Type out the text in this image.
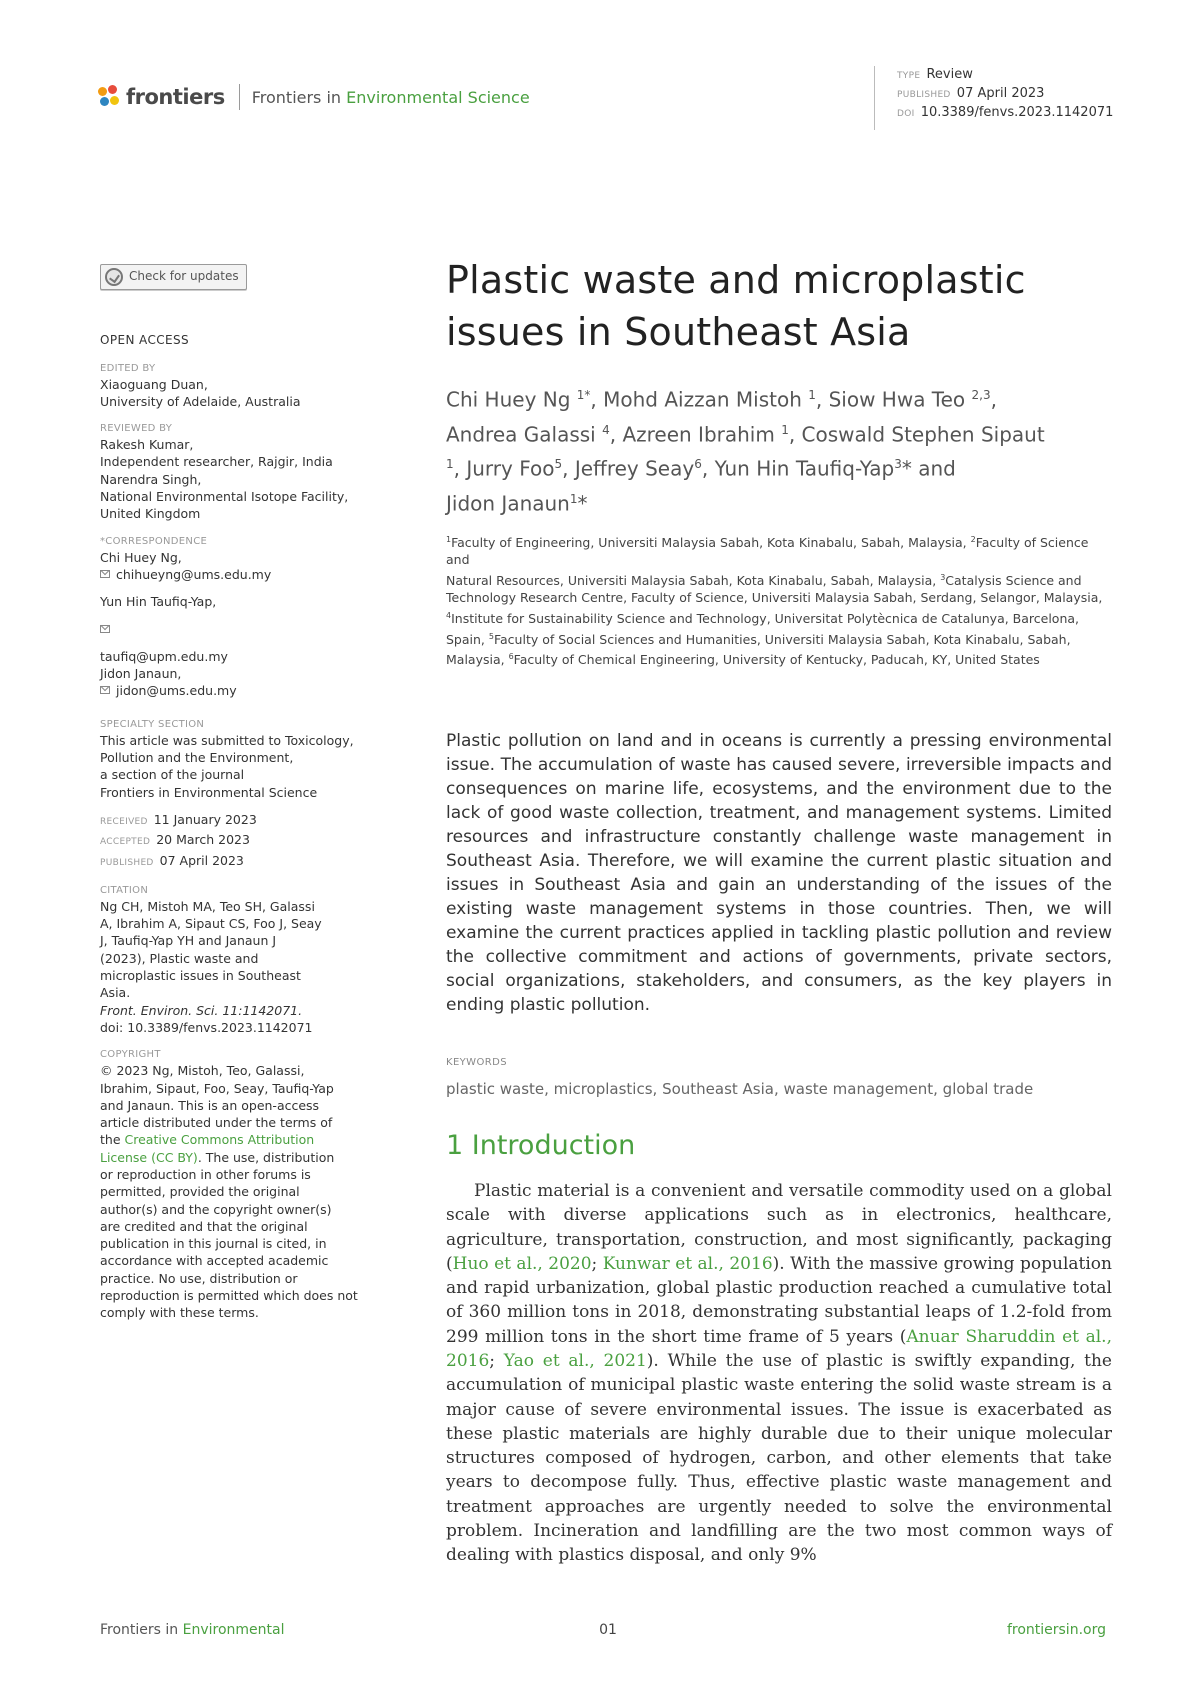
frontiers Frontiers in Environmental Science
TYPE Review
PUBLISHED 07 April 2023
DOI 10.3389/fenvs.2023.1142071
Check for updates
OPEN ACCESS
EDITED BY
Xiaoguang Duan,
University of Adelaide, Australia
REVIEWED BY
Rakesh Kumar,
Independent researcher, Rajgir, India
Narendra Singh,
National Environmental Isotope Facility,
United Kingdom
*CORRESPONDENCE
Chi Huey Ng,
chihueyng@ums.edu.my
Yun Hin Taufiq-Yap,
taufiq@upm.edu.my
Jidon Janaun,
jidon@ums.edu.my
SPECIALTY SECTION
This article was submitted to Toxicology,
Pollution and the Environment,
a section of the journal
Frontiers in Environmental Science
RECEIVED 11 January 2023
ACCEPTED 20 March 2023
PUBLISHED 07 April 2023
CITATION
Ng CH, Mistoh MA, Teo SH, Galassi
A, Ibrahim A, Sipaut CS, Foo J, Seay
J, Taufiq-Yap YH and Janaun J
(2023), Plastic waste and
microplastic issues in Southeast
Asia.
Front. Environ. Sci. 11:1142071.
doi: 10.3389/fenvs.2023.1142071
COPYRIGHT
© 2023 Ng, Mistoh, Teo, Galassi,
Ibrahim, Sipaut, Foo, Seay, Taufiq-Yap
and Janaun. This is an open-access
article distributed under the terms of
the Creative Commons Attribution
License (CC BY). The use, distribution
or reproduction in other forums is
permitted, provided the original
author(s) and the copyright owner(s)
are credited and that the original
publication in this journal is cited, in
accordance with accepted academic
practice. No use, distribution or
reproduction is permitted which does not
comply with these terms.
Plastic waste and microplastic
issues in Southeast Asia
Chi Huey Ng $^{1*}$, Mohd Aizzan Mistoh $^1$, Siow Hwa Teo $^{2,3}$,
Andrea Galassi $^4$, Azreen Ibrahim $^1$, Coswald Stephen Sipaut
$^1$, Jurry Foo$^5$, Jeffrey Seay$^6$, Yun Hin Taufiq-Yap$^3$* and
Jidon Janaun$^1$*
$^1$Faculty of Engineering, Universiti Malaysia Sabah, Kota Kinabalu, Sabah, Malaysia, $^2$Faculty of Science and
Natural Resources, Universiti Malaysia Sabah, Kota Kinabalu, Sabah, Malaysia, $^3$Catalysis Science and Technology Research Centre, Faculty of Science, Universiti Malaysia Sabah, Serdang, Selangor, Malaysia, $^4$Institute for Sustainability Science and Technology, Universitat Polytècnica de Catalunya, Barcelona, Spain, $^5$Faculty of Social Sciences and Humanities, Universiti Malaysia Sabah, Kota Kinabalu, Sabah, Malaysia, $^6$Faculty of Chemical Engineering, University of Kentucky, Paducah, KY, United States
Plastic pollution on land and in oceans is currently a pressing environmental issue. The accumulation of waste has caused severe, irreversible impacts and consequences on marine life, ecosystems, and the environment due to the lack of good waste collection, treatment, and management systems. Limited resources and infrastructure constantly challenge waste management in Southeast Asia. Therefore, we will examine the current plastic situation and issues in Southeast Asia and gain an understanding of the issues of the existing waste management systems in those countries. Then, we will examine the current practices applied in tackling plastic pollution and review the collective commitment and actions of governments, private sectors, social organizations, stakeholders, and consumers, as the key players in ending plastic pollution.
KEYWORDS
plastic waste, microplastics, Southeast Asia, waste management, global trade
1 Introduction
Plastic material is a convenient and versatile commodity used on a global scale with diverse applications such as in electronics, healthcare, agriculture, transportation, construction, and most significantly, packaging (Huo et al., 2020; Kunwar et al., 2016). With the massive growing population and rapid urbanization, global plastic production reached a cumulative total of 360 million tons in 2018, demonstrating substantial leaps of 1.2-fold from 299 million tons in the short time frame of 5 years (Anuar Sharuddin et al., 2016; Yao et al., 2021). While the use of plastic is swiftly expanding, the accumulation of municipal plastic waste entering the solid waste stream is a major cause of severe environmental issues. The issue is exacerbated as these plastic materials are highly durable due to their unique molecular structures composed of hydrogen, carbon, and other elements that take years to decompose fully. Thus, effective plastic waste management and treatment approaches are urgently needed to solve the environmental problem. Incineration and landfilling are the two most common ways of dealing with plastics disposal, and only 9%
Frontiers in Environmental	01	frontiersin.org
